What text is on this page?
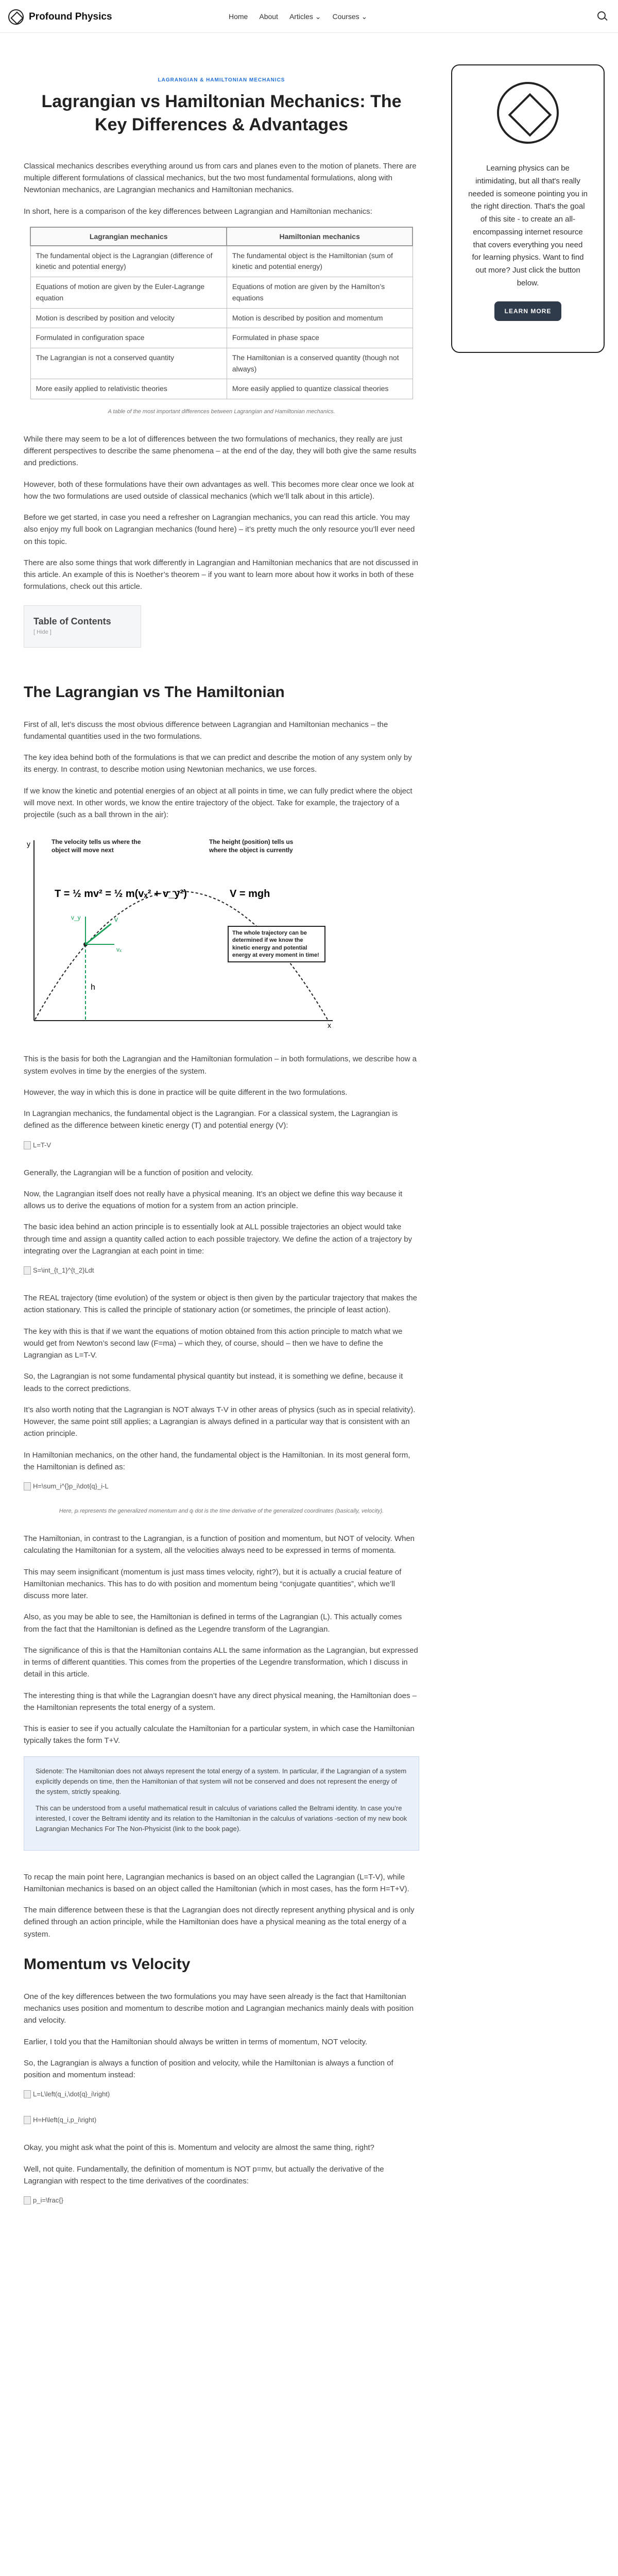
Profound Physics	Home About Articles ⌄ Courses ⌄
LAGRANGIAN & HAMILTONIAN MECHANICS
Lagrangian vs Hamiltonian Mechanics: The Key Differences & Advantages

Classical mechanics describes everything around us from cars and planes even to the motion of planets. There are multiple different formulations of classical mechanics, but the two most fundamental formulations, along with Newtonian mechanics, are Lagrangian mechanics and Hamiltonian mechanics.

In short, here is a comparison of the key differences between Lagrangian and Hamiltonian mechanics:

Lagrangian mechanics	Hamiltonian mechanics
The fundamental object is the Lagrangian (difference of kinetic and potential energy)	The fundamental object is the Hamiltonian (sum of kinetic and potential energy)
Equations of motion are given by the Euler-Lagrange equation	Equations of motion are given by the Hamilton’s equations
Motion is described by position and velocity	Motion is described by position and momentum
Formulated in configuration space	Formulated in phase space
The Lagrangian is not a conserved quantity	The Hamiltonian is a conserved quantity (though not always)
More easily applied to relativistic theories	More easily applied to quantize classical theories
A table of the most important differences between Lagrangian and Hamiltonian mechanics.

While there may seem to be a lot of differences between the two formulations of mechanics, they really are just different perspectives to describe the same phenomena – at the end of the day, they will both give the same results and predictions.

However, both of these formulations have their own advantages as well. This becomes more clear once we look at how the two formulations are used outside of classical mechanics (which we’ll talk about in this article).

Before we get started, in case you need a refresher on Lagrangian mechanics, you can read this article. You may also enjoy my full book on Lagrangian mechanics (found here) – it’s pretty much the only resource you’ll ever need on this topic.

There are also some things that work differently in Lagrangian and Hamiltonian mechanics that are not discussed in this article. An example of this is Noether’s theorem – if you want to learn more about how it works in both of these formulations, check out this article.

Table of Contents
[ Hide ]
The Lagrangian vs The Hamiltonian

First of all, let’s discuss the most obvious difference between Lagrangian and Hamiltonian mechanics – the fundamental quantities used in the two formulations.

The key idea behind both of the formulations is that we can predict and describe the motion of any system only by its energy. In contrast, to describe motion using Newtonian mechanics, we use forces.

If we know the kinetic and potential energies of an object at all points in time, we can fully predict where the object will move next. In other words, we know the entire trajectory of the object. Take for example, the trajectory of a projectile (such as a ball thrown in the air):

y
x
h
v
vₓ
v_y
The velocity tells us where the object will move next
The height (position) tells us where the object is currently
T = ½ mv² = ½ m(vₓ² + v_y²)	V = mgh
The whole trajectory can be determined if we know the kinetic energy and potential energy at every moment in time!

This is the basis for both the Lagrangian and the Hamiltonian formulation – in both formulations, we describe how a system evolves in time by the energies of the system.

However, the way in which this is done in practice will be quite different in the two formulations.

In Lagrangian mechanics, the fundamental object is the Lagrangian. For a classical system, the Lagrangian is defined as the difference between kinetic energy (T) and potential energy (V):

L=T-V

Generally, the Lagrangian will be a function of position and velocity.

Now, the Lagrangian itself does not really have a physical meaning. It’s an object we define this way because it allows us to derive the equations of motion for a system from an action principle.

The basic idea behind an action principle is to essentially look at ALL possible trajectories an object would take through time and assign a quantity called action to each possible trajectory. We define the action of a trajectory by integrating over the Lagrangian at each point in time:

S=\int_{t_1}^{t_2}Ldt

The REAL trajectory (time evolution) of the system or object is then given by the particular trajectory that makes the action stationary. This is called the principle of stationary action (or sometimes, the principle of least action).

The key with this is that if we want the equations of motion obtained from this action principle to match what we would get from Newton’s second law (F=ma) – which they, of course, should – then we have to define the Lagrangian as L=T-V.

So, the Lagrangian is not some fundamental physical quantity but instead, it is something we define, because it leads to the correct predictions.

It’s also worth noting that the Lagrangian is NOT always T-V in other areas of physics (such as in special relativity). However, the same point still applies; a Lagrangian is always defined in a particular way that is consistent with an action principle.

In Hamiltonian mechanics, on the other hand, the fundamental object is the Hamiltonian. In its most general form, the Hamiltonian is defined as:

H=\sum_i^{}p_i\dot{q}_i-L
Here, pᵢ represents the generalized momentum and q̇ᵢ dot is the time derivative of the generalized coordinates (basically, velocity).

The Hamiltonian, in contrast to the Lagrangian, is a function of position and momentum, but NOT of velocity. When calculating the Hamiltonian for a system, all the velocities always need to be expressed in terms of momenta.

This may seem insignificant (momentum is just mass times velocity, right?), but it is actually a crucial feature of Hamiltonian mechanics. This has to do with position and momentum being “conjugate quantities”, which we’ll discuss more later.

Also, as you may be able to see, the Hamiltonian is defined in terms of the Lagrangian (L). This actually comes from the fact that the Hamiltonian is defined as the Legendre transform of the Lagrangian.

The significance of this is that the Hamiltonian contains ALL the same information as the Lagrangian, but expressed in terms of different quantities. This comes from the properties of the Legendre transformation, which I discuss in detail in this article.

The interesting thing is that while the Lagrangian doesn’t have any direct physical meaning, the Hamiltonian does – the Hamiltonian represents the total energy of a system.

This is easier to see if you actually calculate the Hamiltonian for a particular system, in which case the Hamiltonian typically takes the form T+V.

Sidenote: The Hamiltonian does not always represent the total energy of a system. In particular, if the Lagrangian of a system explicitly depends on time, then the Hamiltonian of that system will not be conserved and does not represent the energy of the system, strictly speaking.

This can be understood from a useful mathematical result in calculus of variations called the Beltrami identity. In case you’re interested, I cover the Beltrami identity and its relation to the Hamiltonian in the calculus of variations -section of my new book Lagrangian Mechanics For The Non-Physicist (link to the book page).

To recap the main point here, Lagrangian mechanics is based on an object called the Lagrangian (L=T-V), while Hamiltonian mechanics is based on an object called the Hamiltonian (which in most cases, has the form H=T+V).

The main difference between these is that the Lagrangian does not directly represent anything physical and is only defined through an action principle, while the Hamiltonian does have a physical meaning as the total energy of a system.

Momentum vs Velocity

One of the key differences between the two formulations you may have seen already is the fact that Hamiltonian mechanics uses position and momentum to describe motion and Lagrangian mechanics mainly deals with position and velocity.

Earlier, I told you that the Hamiltonian should always be written in terms of momentum, NOT velocity.

So, the Lagrangian is always a function of position and velocity, while the Hamiltonian is always a function of position and momentum instead:

L=L\left(q_i,\dot{q}_i\right)
H=H\left(q_i,p_i\right)

Okay, you might ask what the point of this is. Momentum and velocity are almost the same thing, right?

Well, not quite. Fundamentally, the definition of momentum is NOT p=mv, but actually the derivative of the Lagrangian with respect to the time derivatives of the coordinates:

p_i=\frac{}
Learning physics can be intimidating, but all that's really needed is someone pointing you in the right direction. That's the goal of this site - to create an all-encompassing internet resource that covers everything you need for learning physics. Want to find out more? Just click the button below.
LEARN MORE
